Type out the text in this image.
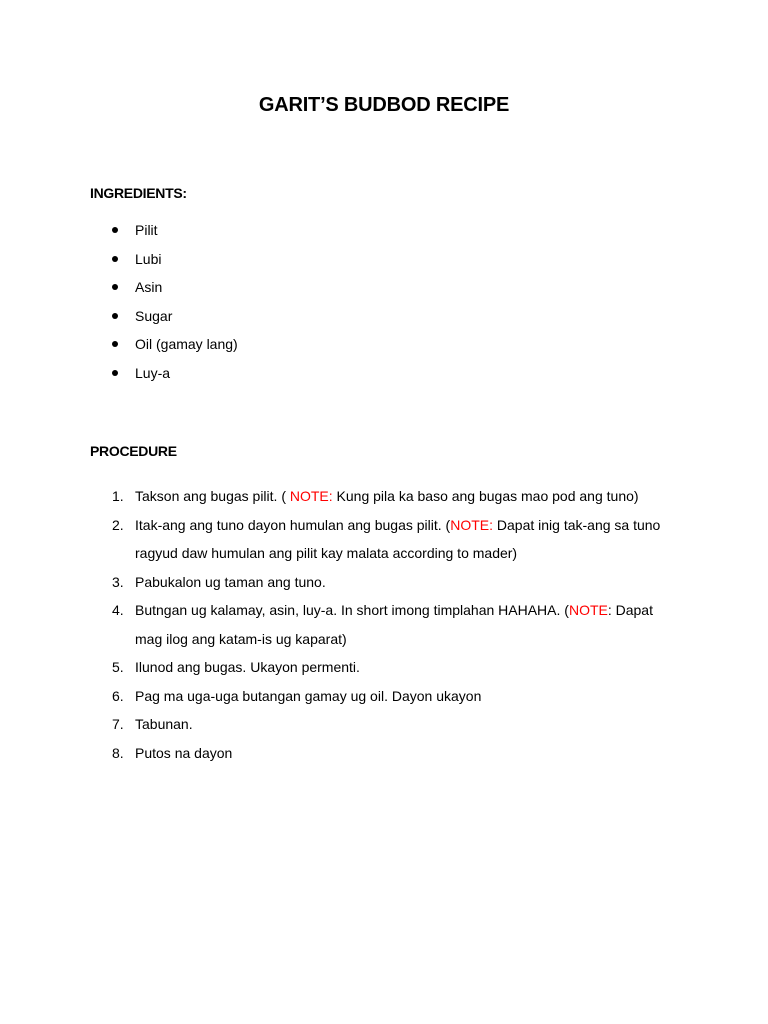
GARIT’S BUDBOD RECIPE
INGREDIENTS:
Pilit
Lubi
Asin
Sugar
Oil (gamay lang)
Luy-a
PROCEDURE
1. Takson ang bugas pilit. ( NOTE: Kung pila ka baso ang bugas mao pod ang tuno)
2. Itak-ang ang tuno dayon humulan ang bugas pilit. (NOTE: Dapat inig tak-ang sa tuno ragyud daw humulan ang pilit kay malata according to mader)
3. Pabukalon ug taman ang tuno.
4. Butngan ug kalamay, asin, luy-a. In short imong timplahan HAHAHA. (NOTE: Dapat mag ilog ang katam-is ug kaparat)
5. Ilunod ang bugas. Ukayon permenti.
6. Pag ma uga-uga butangan gamay ug oil. Dayon ukayon
7. Tabunan.
8. Putos na dayon
